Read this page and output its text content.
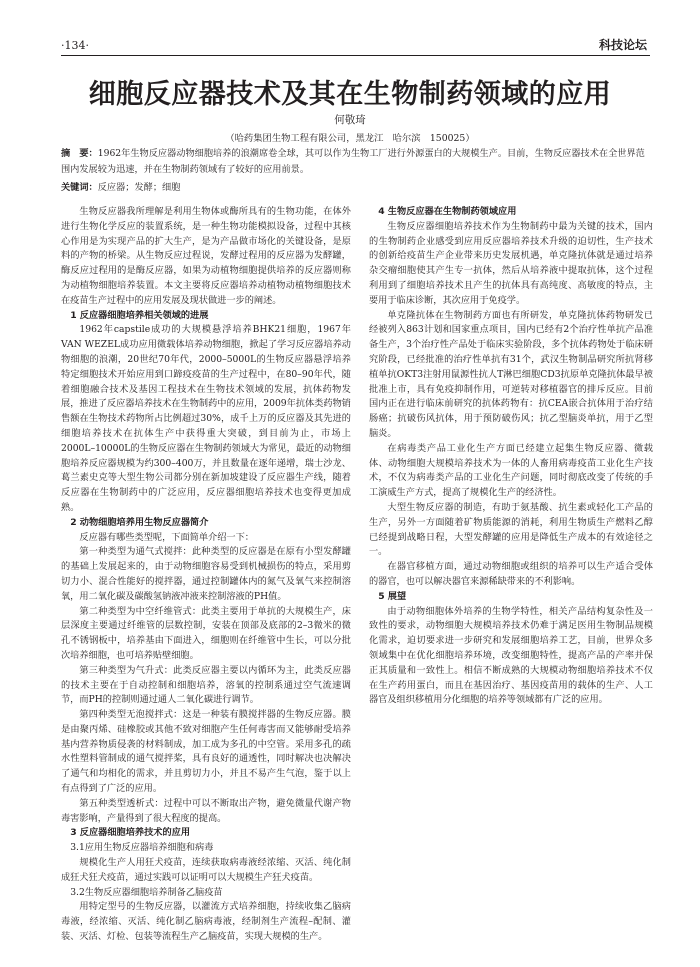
·134·	科技论坛
细胞反应器技术及其在生物制药领域的应用
何敬琦
（哈药集团生物工程有限公司，黑龙江　哈尔滨　150025）
摘　要：1962年生物反应器动物细胞培养的浪潮席卷全球，其可以作为生物工厂进行外源蛋白的大规模生产。目前，生物反应器技术在全世界范围内发展较为迅速，并在生物制药领域有了较好的应用前景。
关键词：反应器；发酵；细胞

生物反应器我所理解是利用生物体或酶所具有的生物功能，在体外进行生物化学反应的装置系统，是一种生物功能模拟设备，过程中其核心作用是为实现产品的扩大生产，是为产品做市场化的关键设备，是原料的产物的桥梁。从生物反应过程说，发酵过程用的反应器为发酵罐，酶反应过程用的是酶反应器，如果为动植物细胞提供培养的反应器则称为动植物细胞培养装置。本文主要将反应器培养动植物动植物细胞技术在疫苗生产过程中的应用发展及现状做进一步的阐述。

1 反应器细胞培养相关领域的进展

1962年capstile成功的大规模悬浮培养BHK21细胞，1967年VAN WEZEL成功应用微载体培养动物细胞，掀起了学习反应器培养动物细胞的浪潮，20世纪70年代，2000–5000L的生物反应器悬浮培养特定细胞技术开始应用到口蹄疫疫苗的生产过程中，在80–90年代，随着细胞融合技术及基因工程技术在生物技术领域的发展，抗体药物发展，推进了反应器培养技术在生物制药中的应用，2009年抗体类药物销售额在生物技术药物所占比例超过30%，成千上万的反应器及其先进的细胞培养技术在抗体生产中获得重大突破，到目前为止，市场上2000L–10000L的生物反应器在生物制药领域大为常见，最近的动物细胞培养反应器规模为约300–400万，并且数量在逐年递增，瑞士沙龙、葛兰素史克等大型生物公司都分别在新加坡建设了反应器生产线，随着反应器在生物制药中的广泛应用，反应器细胞培养技术也变得更加成熟。

2 动物细胞培养用生物反应器简介

反应器有哪些类型呢，下面简单介绍一下：

第一种类型为通气式搅拌：此种类型的反应器是在原有小型发酵罐的基础上发展起来的，由于动物细胞容易受到机械损伤的特点，采用剪切力小、混合性能好的搅拌器，通过控制罐体内的氮气及氧气来控制溶氧，用二氧化碳及碳酸氢钠液冲液来控制溶液的PH值。

第二种类型为中空纤维管式：此类主要用于单抗的大规模生产，床层深度主要通过纤维管的层数控制，安装在顶部及底部的2–3微米的微孔不锈钢板中，培养基由下面进入，细胞则在纤维管中生长，可以分批次培养细胞，也可培养贴壁细胞。

第三种类型为气升式：此类反应器主要以内循环为主，此类反应器的技术主要在于自动控制和细胞培养，溶氧的控制系通过空气流速调节，而PH的控制则通过通人二氧化碳进行调节。

第四种类型无泡搅拌式：这是一种装有膜搅拌器的生物反应器。膜是由聚丙烯、硅橡胶或其他不致对细胞产生任何毒害而又能够耐受培养基内营养物质侵袭的材料制成，加工成为多孔的中空管。采用多孔的疏水性塑料管制成的通气搅拌桨，具有良好的通透性，同时解决也决解决了通气和均相化的需求，并且剪切力小，并且不易产生气泡，鉴于以上有点得到了广泛的应用。

第五种类型透析式：过程中可以不断取出产物，避免微量代谢产物毒害影响，产量得到了很大程度的提高。

3 反应器细胞培养技术的应用
3.1应用生物反应器培养细胞和病毒

规模化生产人用狂犬疫苗，连续获取病毒液经浓缩、灭活、纯化制成狂犬狂犬疫苗，通过实践可以证明可以大规模生产狂犬疫苗。

3.2生物反应器细胞培养制备乙脑疫苗

用特定型号的生物反应器，以灌流方式培养细胞，持续收集乙脑病毒液，经浓缩、灭活、纯化制乙脑病毒液，经制剂生产流程–配制、灌装、灭活、灯检、包装等流程生产乙脑疫苗，实现大规模的生产。

4 生物反应器在生物制药领域应用

生物反应器细胞培养技术作为生物制药中最为关键的技术，国内的生物制药企业感受到应用反应器培养技术升级的迫切性，生产技术的创新给疫苗生产企业带来历史发展机遇，单克隆抗体就是通过培养杂交瘤细胞使其产生专一抗体，然后从培养液中提取抗体，这个过程利用到了细胞培养技术且产生的抗体具有高纯度、高敏度的特点，主要用于临床诊断，其次应用于免疫学。

单克隆抗体在生物制药方面也有所研发，单克隆抗体药物研发已经被列入863计划和国家重点项目，国内已经有2个治疗性单抗产品准备生产，3个治疗性产品处于临床实验阶段，多个抗体药物处于临床研究阶段，已经批准的治疗性单抗有31个，武汉生物制品研究所抗肾移植单抗OKT3注射用鼠源性抗人T淋巴细胞CD3抗原单克隆抗体最早被批准上市，具有免疫抑制作用，可逆转对移植器官的排斥反应。目前国内正在进行临床前研究的抗体药物有：抗CEA嵌合抗体用于治疗结肠癌；抗破伤风抗体，用于预防破伤风；抗乙型脑炎单抗，用于乙型脑炎。

在病毒类产品工业化生产方面已经建立起集生物反应器、微载体、动物细胞大规模培养技术为一体的人畜用病毒疫苗工业化生产技术，不仅为病毒类产品的工业化生产问题，同时彻底改变了传统的手工演威生产方式，提高了规模化生产的经济性。

大型生物反应器的制造，有助于氨基酸、抗生素或轻化工产品的生产，另外一方面随着矿物质能源的消耗，利用生物质生产燃料乙醇已经提到战略日程，大型发酵罐的应用是降低生产成本的有效途径之一。

在器官移植方面，通过动物细胞或组织的培养可以生产适合受体的器官，也可以解决器官来源稀缺带来的不利影响。

5 展望

由于动物细胞体外培养的生物学特性，相关产品结构复杂性及一致性的要求，动物细胞大规模培养技术仍难于满足医用生物制品规模化需求，迫切要求进一步研究和发展细胞培养工艺，目前，世界众多领域集中在优化细胞培养环境，改变细胞特性，提高产品的产率并保正其质量和一致性上。相信不断成熟的大规模动物细胞培养技术不仅在生产药用蛋白，而且在基因治疗、基因疫苗用的载体的生产、人工器官及组织移植用分化细胞的培养等领域都有广泛的应用。
